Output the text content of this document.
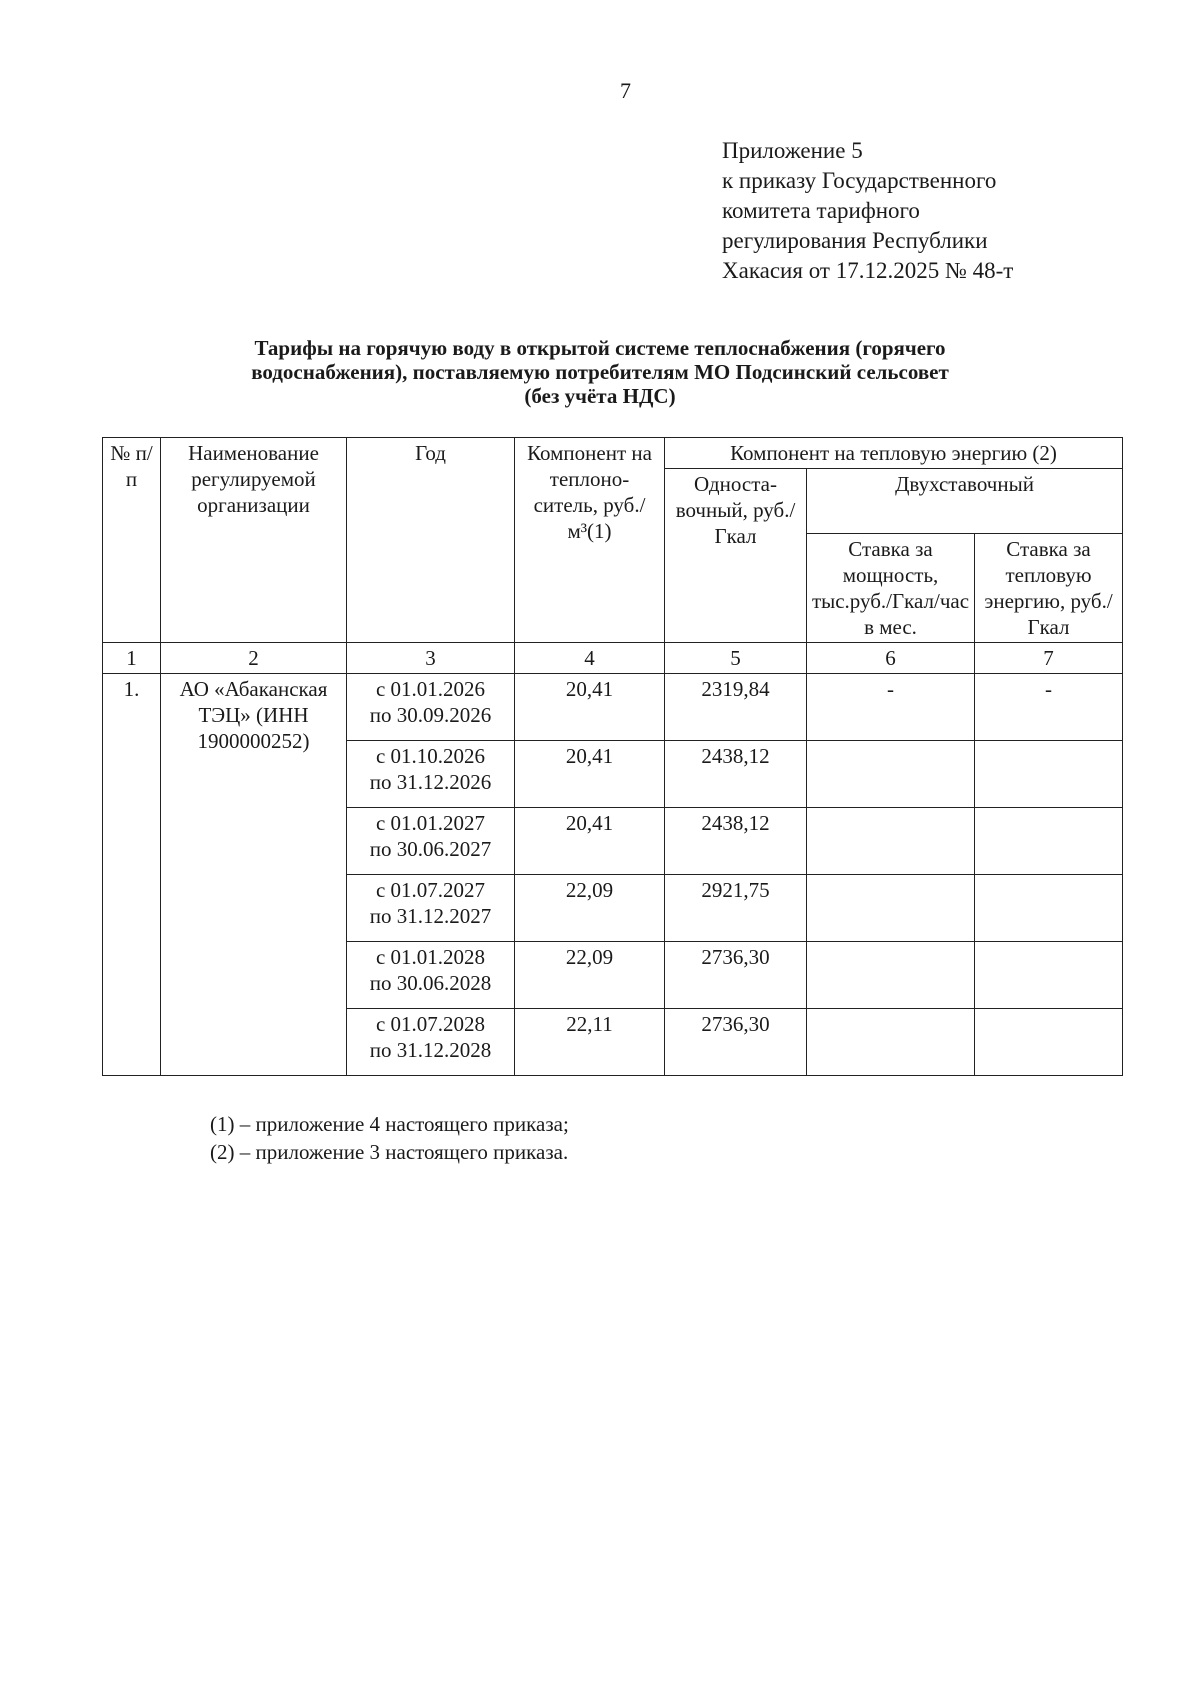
7
Приложение 5
к приказу Государственного
комитета тарифного
регулирования Республики
Хакасия от 17.12.2025 № 48-т
Тарифы на горячую воду в открытой системе теплоснабжения (горячего
водоснабжения), поставляемую потребителям МО Подсинский сельсовет
(без учёта НДС)
№ п/п	Наименование регулируемой организации	Год	Компонент на теплоно-ситель, руб./м³(1)	Компонент на тепловую энергию (2)		
				Односта-вочный, руб./Гкал	Двухставочный	
					Ставка за мощность, тыс.руб./Гкал/час в мес.	Ставка за тепловую энергию, руб./Гкал
1	2	3	4	5	6	7
1.	АО «Абаканская ТЭЦ» (ИНН 1900000252)	с 01.01.2026
по 30.09.2026	20,41	2319,84	-	-

		с 01.10.2026
по 31.12.2026	20,41	2438,12		

		с 01.01.2027
по 30.06.2027	20,41	2438,12		

		с 01.07.2027
по 31.12.2027	22,09	2921,75		

		с 01.01.2028
по 30.06.2028	22,09	2736,30		

		с 01.07.2028
по 31.12.2028	22,11	2736,30		
(1) – приложение 4 настоящего приказа;
(2) – приложение 3 настоящего приказа.
